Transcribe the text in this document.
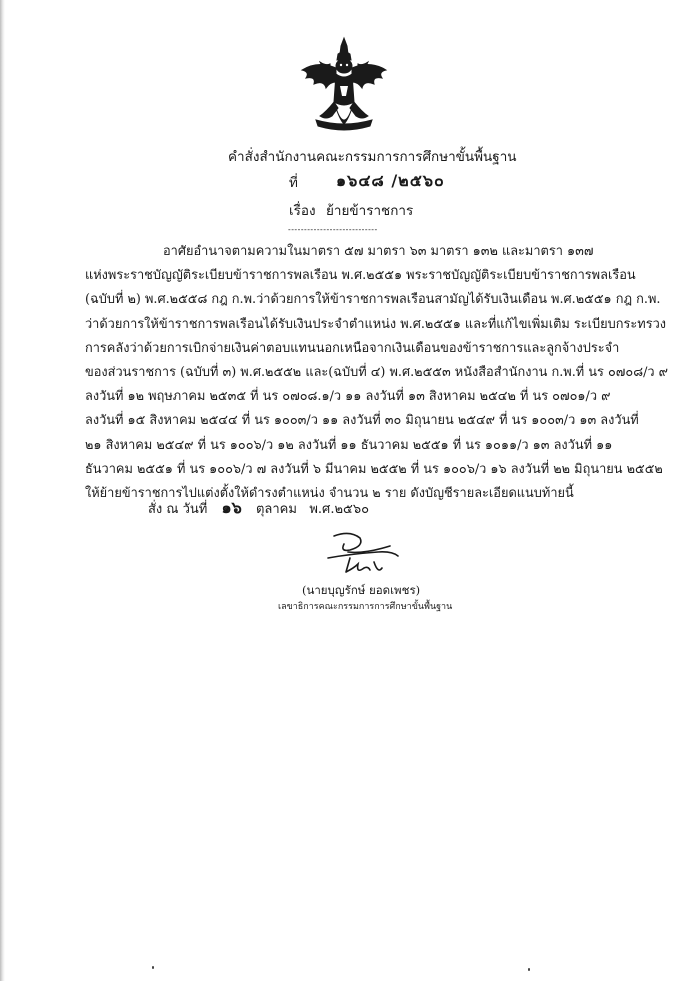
คำสั่งสำนักงานคณะกรรมการการศึกษาขั้นพื้นฐาน
ที่ ๑๖๔๘ /๒๕๖๐
เรื่อง ย้ายข้าราชการ
----------------------------
อาศัยอำนาจตามความในมาตรา ๕๗ มาตรา ๖๓ มาตรา ๑๓๒ และมาตรา ๑๓๗
แห่งพระราชบัญญัติระเบียบข้าราชการพลเรือน พ.ศ.๒๕๕๑ พระราชบัญญัติระเบียบข้าราชการพลเรือน
(ฉบับที่ ๒) พ.ศ.๒๕๕๘ กฎ ก.พ.ว่าด้วยการให้ข้าราชการพลเรือนสามัญได้รับเงินเดือน พ.ศ.๒๕๕๑ กฎ ก.พ.
ว่าด้วยการให้ข้าราชการพลเรือนได้รับเงินประจำตำแหน่ง พ.ศ.๒๕๕๑ และที่แก้ไขเพิ่มเติม ระเบียบกระทรวง
การคลังว่าด้วยการเบิกจ่ายเงินค่าตอบแทนนอกเหนือจากเงินเดือนของข้าราชการและลูกจ้างประจำ
ของส่วนราชการ (ฉบับที่ ๓) พ.ศ.๒๕๕๒ และ(ฉบับที่ ๔) พ.ศ.๒๕๕๓ หนังสือสำนักงาน ก.พ.ที่ นร ๐๗๐๘/ว ๙
ลงวันที่ ๑๒ พฤษภาคม ๒๕๓๕ ที่ นร ๐๗๐๘.๑/ว ๑๑ ลงวันที่ ๑๓ สิงหาคม ๒๕๔๒ ที่ นร ๐๗๐๑/ว ๙
ลงวันที่ ๑๕ สิงหาคม ๒๕๔๔ ที่ นร ๑๐๐๓/ว ๑๑ ลงวันที่ ๓๐ มิถุนายน ๒๕๔๙ ที่ นร ๑๐๐๓/ว ๑๓ ลงวันที่
๒๑ สิงหาคม ๒๕๔๙ ที่ นร ๑๐๐๖/ว ๑๒ ลงวันที่ ๑๑ ธันวาคม ๒๕๕๑ ที่ นร ๑๐๑๑/ว ๑๓ ลงวันที่ ๑๑
ธันวาคม ๒๕๕๑ ที่ นร ๑๐๐๖/ว ๗ ลงวันที่ ๖ มีนาคม ๒๕๕๒ ที่ นร ๑๐๐๖/ว ๑๖ ลงวันที่ ๒๒ มิถุนายน ๒๕๕๒
ให้ย้ายข้าราชการไปแต่งตั้งให้ดำรงตำแหน่ง จำนวน ๒ ราย ดังบัญชีรายละเอียดแนบท้ายนี้
สั่ง ณ วันที่ ๑๖ ตุลาคม พ.ศ.๒๕๖๐
(นายบุญรักษ์ ยอดเพชร)
เลขาธิการคณะกรรมการการศึกษาขั้นพื้นฐาน
